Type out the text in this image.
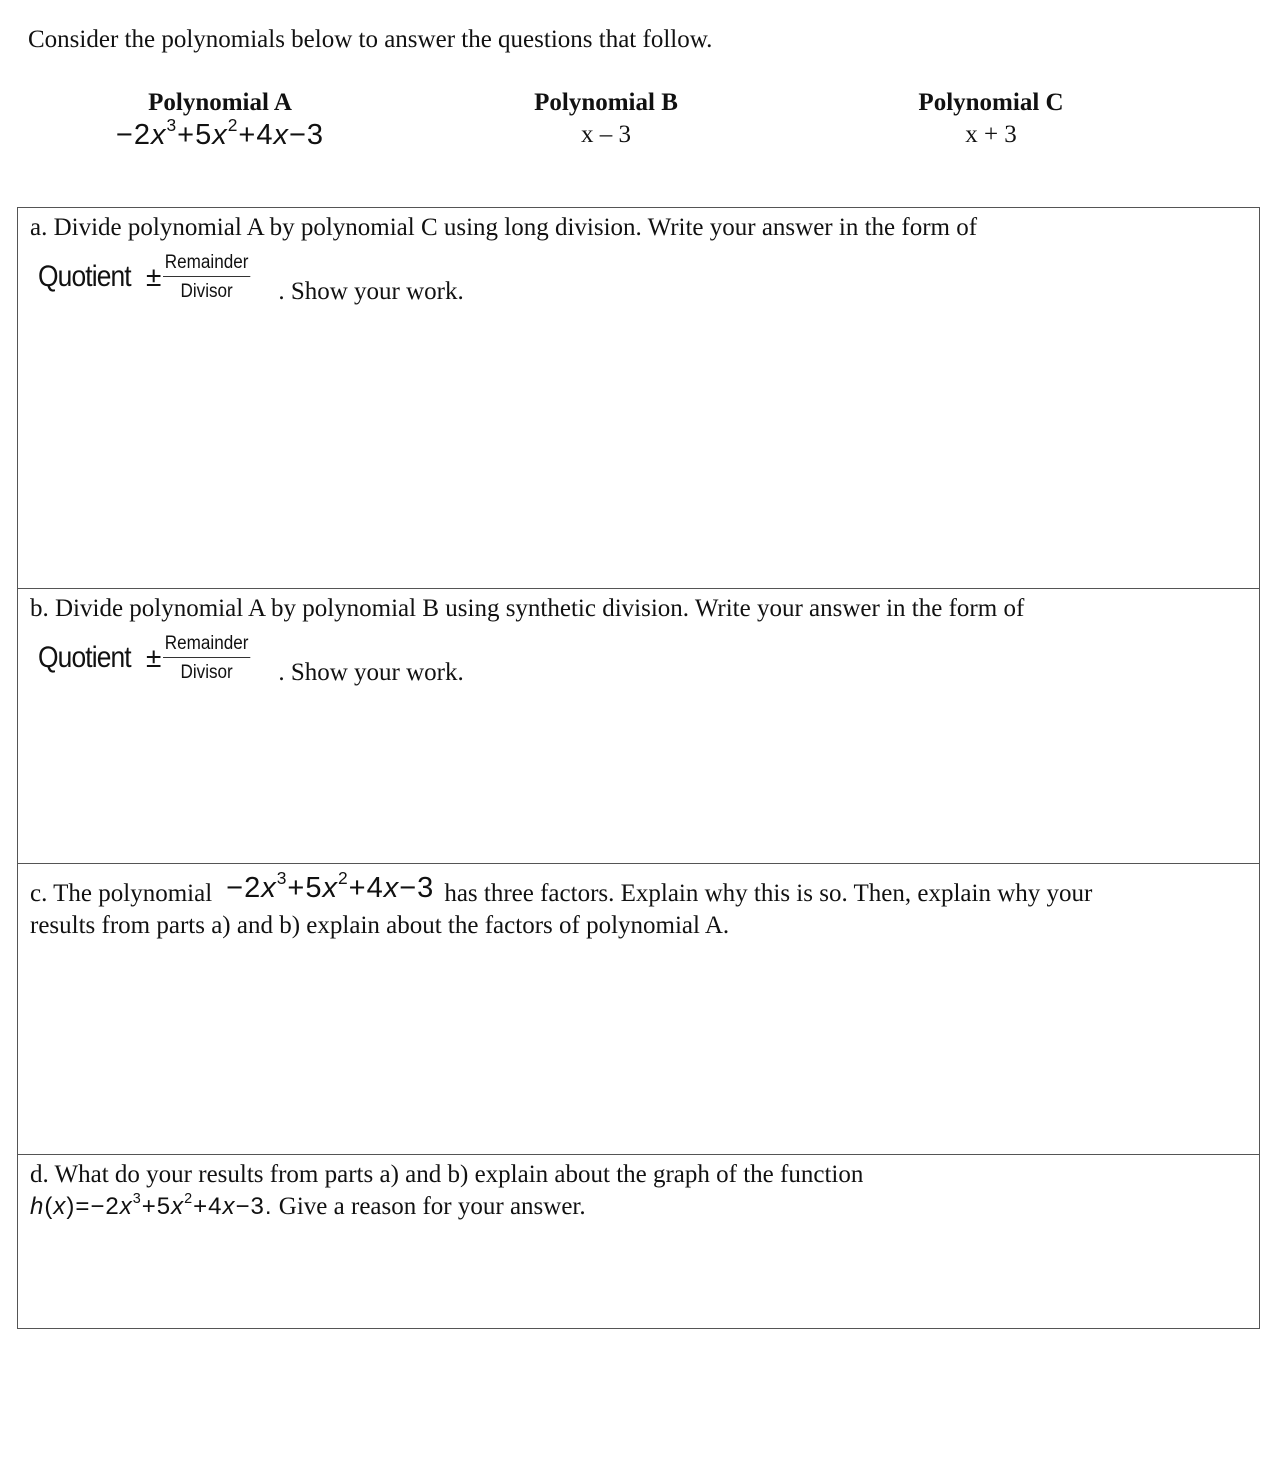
Consider the polynomials below to answer the questions that follow.

Polynomial A
$-2x^3+5x^2+4x-3$
Polynomial B
x – 3
Polynomial C
x + 3
a. Divide polynomial A by polynomial C using long division. Write your answer in the form of
Quotient ± $\frac{\text{Remainder}}{\text{Divisor}}$ . Show your work.
b. Divide polynomial A by polynomial B using synthetic division. Write your answer in the form of
Quotient ± $\frac{\text{Remainder}}{\text{Divisor}}$ . Show your work.
c. The polynomial $-2x^3+5x^2+4x-3$ has three factors. Explain why this is so. Then, explain why your
results from parts a) and b) explain about the factors of polynomial A.
d. What do your results from parts a) and b) explain about the graph of the function
$h(x)=-2x^3+5x^2+4x-3$. Give a reason for your answer.
